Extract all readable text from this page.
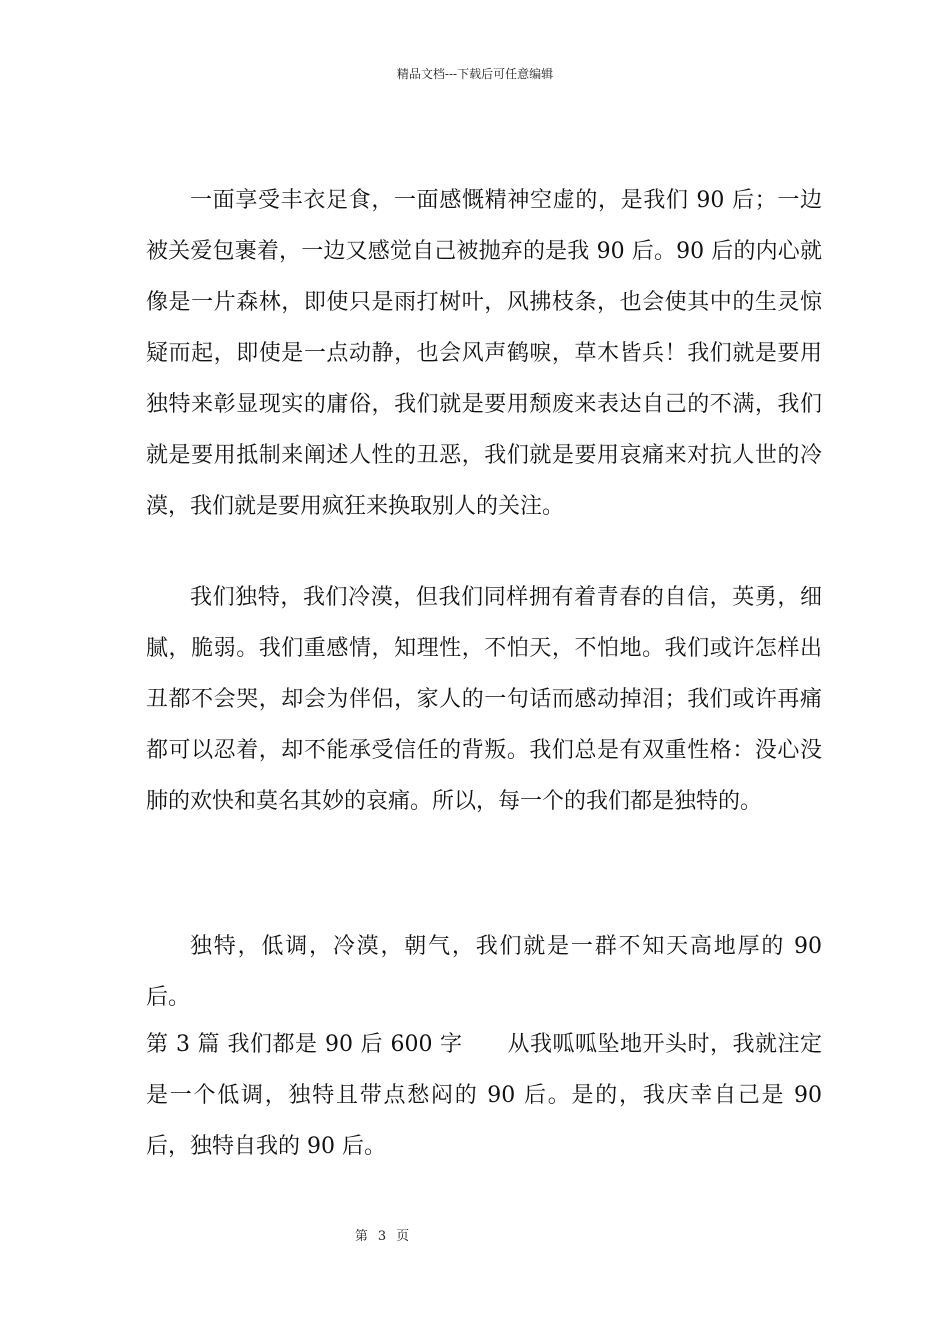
精品文档---下载后可任意编辑

一面享受丰衣足食，一面感慨精神空虚的，是我们 90 后；一边被关爱包裹着，一边又感觉自己被抛弃的是我 90 后。90 后的内心就像是一片森林，即使只是雨打树叶，风拂枝条，也会使其中的生灵惊疑而起，即使是一点动静，也会风声鹤唳，草木皆兵！我们就是要用独特来彰显现实的庸俗，我们就是要用颓废来表达自己的不满，我们就是要用抵制来阐述人性的丑恶，我们就是要用哀痛来对抗人世的冷漠，我们就是要用疯狂来换取别人的关注。

我们独特，我们冷漠，但我们同样拥有着青春的自信，英勇，细腻，脆弱。我们重感情，知理性，不怕天，不怕地。我们或许怎样出丑都不会哭，却会为伴侣，家人的一句话而感动掉泪；我们或许再痛都可以忍着，却不能承受信任的背叛。我们总是有双重性格：没心没肺的欢快和莫名其妙的哀痛。所以，每一个的我们都是独特的。

独特，低调，冷漠，朝气，我们就是一群不知天高地厚的 90 后。

第 3 篇 我们都是 90 后 600 字　　从我呱呱坠地开头时，我就注定是一个低调，独特且带点愁闷的 90 后。是的，我庆幸自己是 90 后，独特自我的 90 后。

第 3 页
